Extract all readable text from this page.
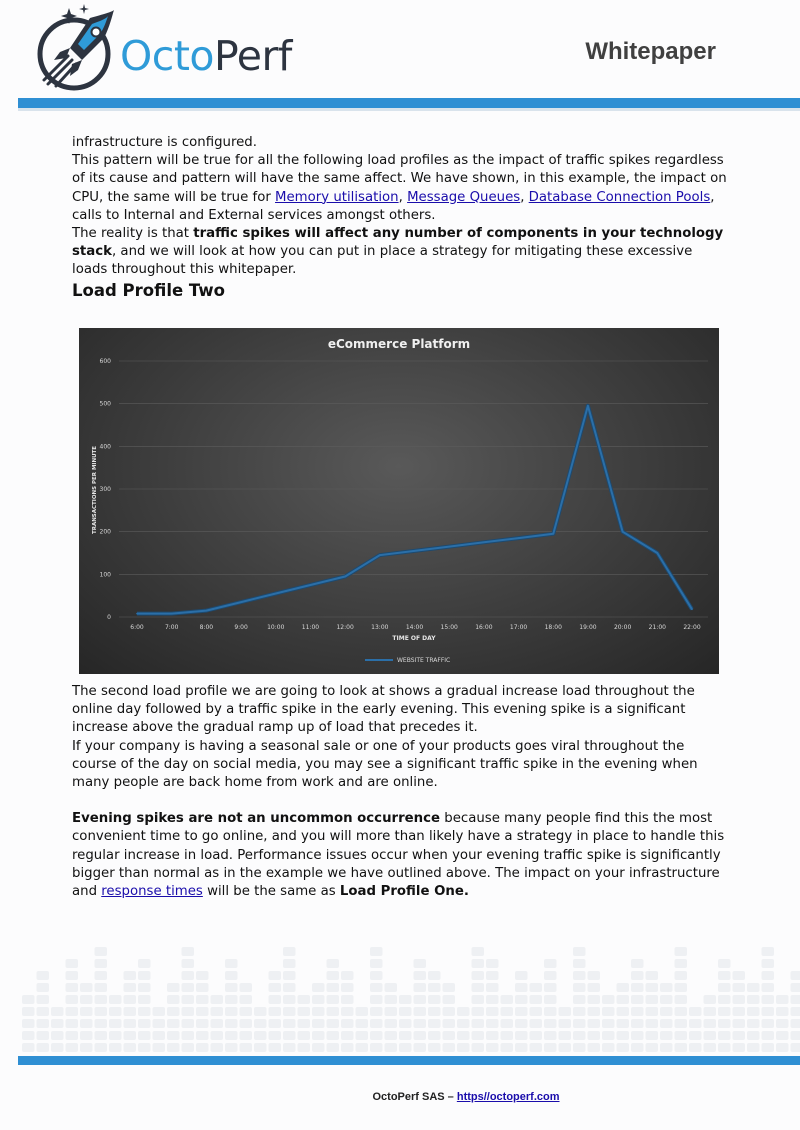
OctoPerf	Whitepaper

infrastructure is configured.

This pattern will be true for all the following load profiles as the impact of traffic spikes regardless of its cause and pattern will have the same affect. We have shown, in this example, the impact on CPU, the same will be true for Memory utilisation, Message Queues, Database Connection Pools, calls to Internal and External services amongst others.

The reality is that traffic spikes will affect any number of components in your technology stack, and we will look at how you can put in place a strategy for mitigating these excessive loads throughout this whitepaper.

Load Profile Two
eCommerce Platform
0
100
200
300
400
500
600
6:00	7:00	8:00	9:00	10:00	11:00	12:00	13:00	14:00	15:00	16:00	17:00	18:00	19:00	20:00	21:00	22:00
TRANSACTIONS PER MINUTE
TIME OF DAY
WEBSITE TRAFFIC

The second load profile we are going to look at shows a gradual increase load throughout the online day followed by a traffic spike in the early evening. This evening spike is a significant increase above the gradual ramp up of load that precedes it.

If your company is having a seasonal sale or one of your products goes viral throughout the course of the day on social media, you may see a significant traffic spike in the evening when many people are back home from work and are online.

Evening spikes are not an uncommon occurrence because many people find this the most convenient time to go online, and you will more than likely have a strategy in place to handle this regular increase in load. Performance issues occur when your evening traffic spike is significantly bigger than normal as in the example we have outlined above. The impact on your infrastructure and response times will be the same as Load Profile One.

OctoPerf SAS – https//octoperf.com
